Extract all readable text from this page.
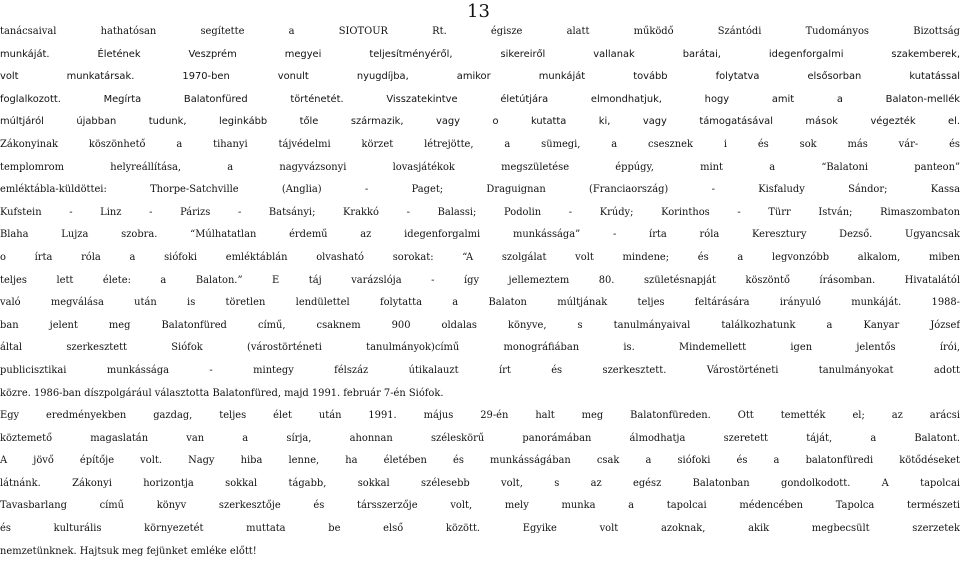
13
tanácsaival hathatósan segítette a SIOTOUR Rt. égisze alatt működő Szántódi Tudományos Bizottság
munkáját. Életének Veszprém megyei teljesítményéről, sikereiről vallanak barátai, idegenforgalmi szakemberek,
volt munkatársak. 1970-ben vonult nyugdíjba, amikor munkáját tovább folytatva elsősorban kutatással
foglalkozott. Megírta Balatonfüred történetét. Visszatekintve életútjára elmondhatjuk, hogy amit a Balaton-mellék
múltjáról újabban tudunk, leginkább tőle származik, vagy o kutatta ki, vagy támogatásával mások végezték el.
Zákonyinak köszönhető a tihanyi tájvédelmi körzet létrejötte, a sümegi, a csesznek i és sok más vár- és
templomrom helyreállítása, a nagyvázsonyi lovasjátékok megszületése éppúgy, mint a “Balatoni panteon”
emléktábla-küldöttei: Thorpe-Satchville (Anglia) - Paget; Draguignan (Franciaország) - Kisfaludy Sándor; Kassa
Kufstein - Linz - Párizs - Batsányi; Krakkó - Balassi; Podolin - Krúdy; Korinthos - Türr István; Rimaszombaton
Blaha Lujza szobra. “Múlhatatlan érdemű az idegenforgalmi munkássága” - írta róla Keresztury Dezső. Ugyancsak
o írta róla a siófoki emléktáblán olvasható sorokat: “A szolgálat volt mindene; és a legvonzóbb alkalom, miben
teljes lett élete: a Balaton.” E táj varázslója - így jellemeztem 80. születésnapját köszöntő írásomban. Hivatalától
való megválása után is töretlen lendülettel folytatta a Balaton múltjának teljes feltárására irányuló munkáját. 1988-
ban jelent meg Balatonfüred című, csaknem 900 oldalas könyve, s tanulmányaival találkozhatunk a Kanyar József
által szerkesztett Siófok (várostörténeti tanulmányok)című monográfiában is. Mindemellett igen jelentős írói,
publicisztikai munkássága - mintegy félszáz útikalauzt írt és szerkesztett. Várostörténeti tanulmányokat adott
közre. 1986-ban díszpolgárául választotta Balatonfüred, majd 1991. február 7-én Siófok.
Egy eredményekben gazdag, teljes élet után 1991. május 29-én halt meg Balatonfüreden. Ott temették el; az arácsi
köztemető magaslatán van a sírja, ahonnan széleskörű panorámában álmodhatja szeretett táját, a Balatont.
A jövő építője volt. Nagy hiba lenne, ha életében és munkásságában csak a siófoki és a balatonfüredi kötődéseket
látnánk. Zákonyi horizontja sokkal tágabb, sokkal szélesebb volt, s az egész Balatonban gondolkodott. A tapolcai
Tavasbarlang című könyv szerkesztője és társszerzője volt, mely munka a tapolcai médencében Tapolca természeti
és kulturális környezetét muttata be első között. Egyike volt azoknak, akik megbecsült szerzetek
nemzetünknek. Hajtsuk meg fejünket emléke előtt!
